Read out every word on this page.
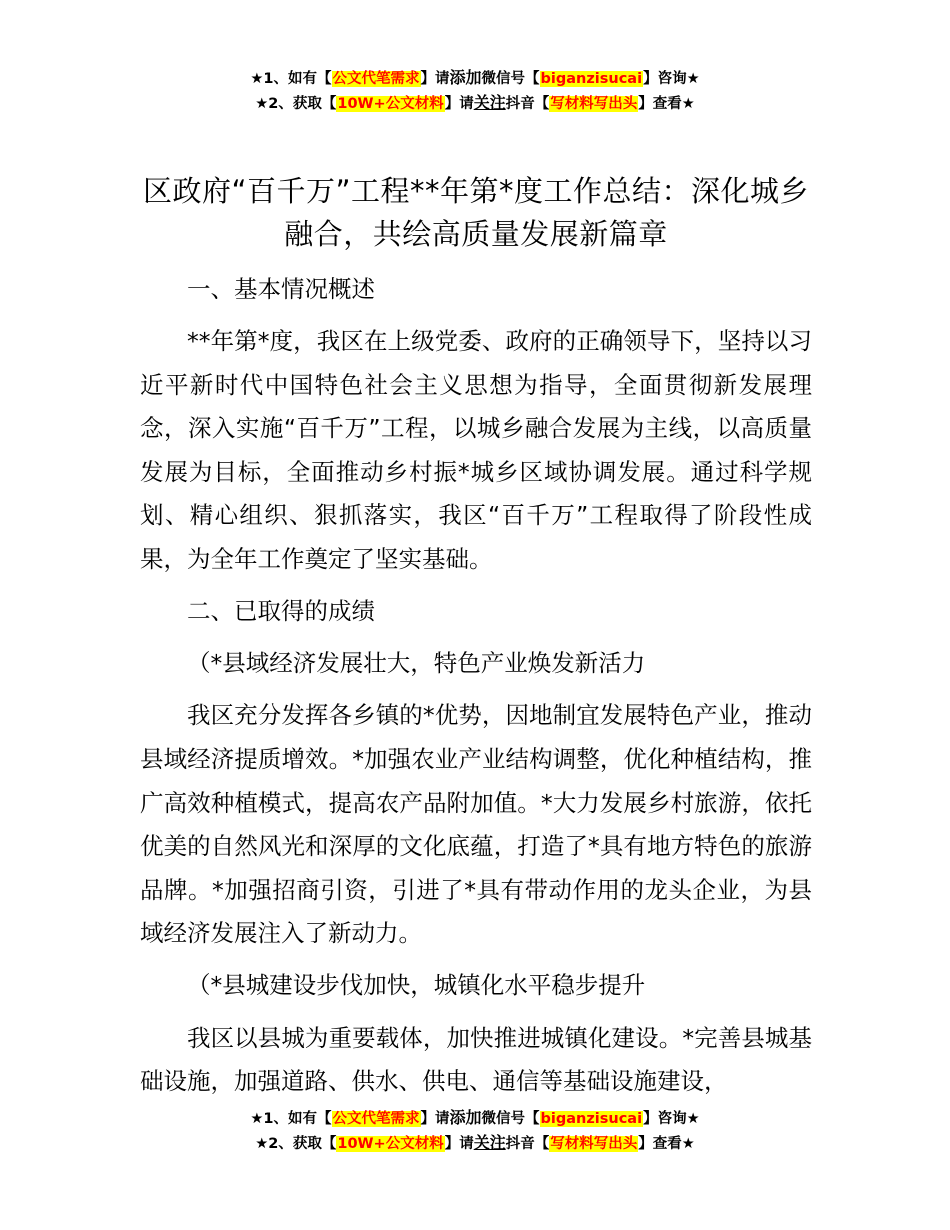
★1、如有【公文代笔需求】请添加微信号【biganzisucai】咨询★
★2、获取【10W+公文材料】请关注抖音【写材料写出头】查看★
区政府“百千万”工程**年第*度工作总结：深化城乡融合，共绘高质量发展新篇章

一、基本情况概述

**年第*度，我区在上级党委、政府的正确领导下，坚持以习近平新时代中国特色社会主义思想为指导，全面贯彻新发展理念，深入实施“百千万”工程，以城乡融合发展为主线，以高质量发展为目标，全面推动乡村振*城乡区域协调发展。通过科学规划、精心组织、狠抓落实，我区“百千万”工程取得了阶段性成果，为全年工作奠定了坚实基础。

二、已取得的成绩

（*县域经济发展壮大，特色产业焕发新活力

我区充分发挥各乡镇的*优势，因地制宜发展特色产业，推动县域经济提质增效。*加强农业产业结构调整，优化种植结构，推广高效种植模式，提高农产品附加值。*大力发展乡村旅游，依托优美的自然风光和深厚的文化底蕴，打造了*具有地方特色的旅游品牌。*加强招商引资，引进了*具有带动作用的龙头企业，为县域经济发展注入了新动力。

（*县城建设步伐加快，城镇化水平稳步提升

我区以县城为重要载体，加快推进城镇化建设。*完善县城基础设施，加强道路、供水、供电、通信等基础设施建设，

★1、如有【公文代笔需求】请添加微信号【biganzisucai】咨询★
★2、获取【10W+公文材料】请关注抖音【写材料写出头】查看★
